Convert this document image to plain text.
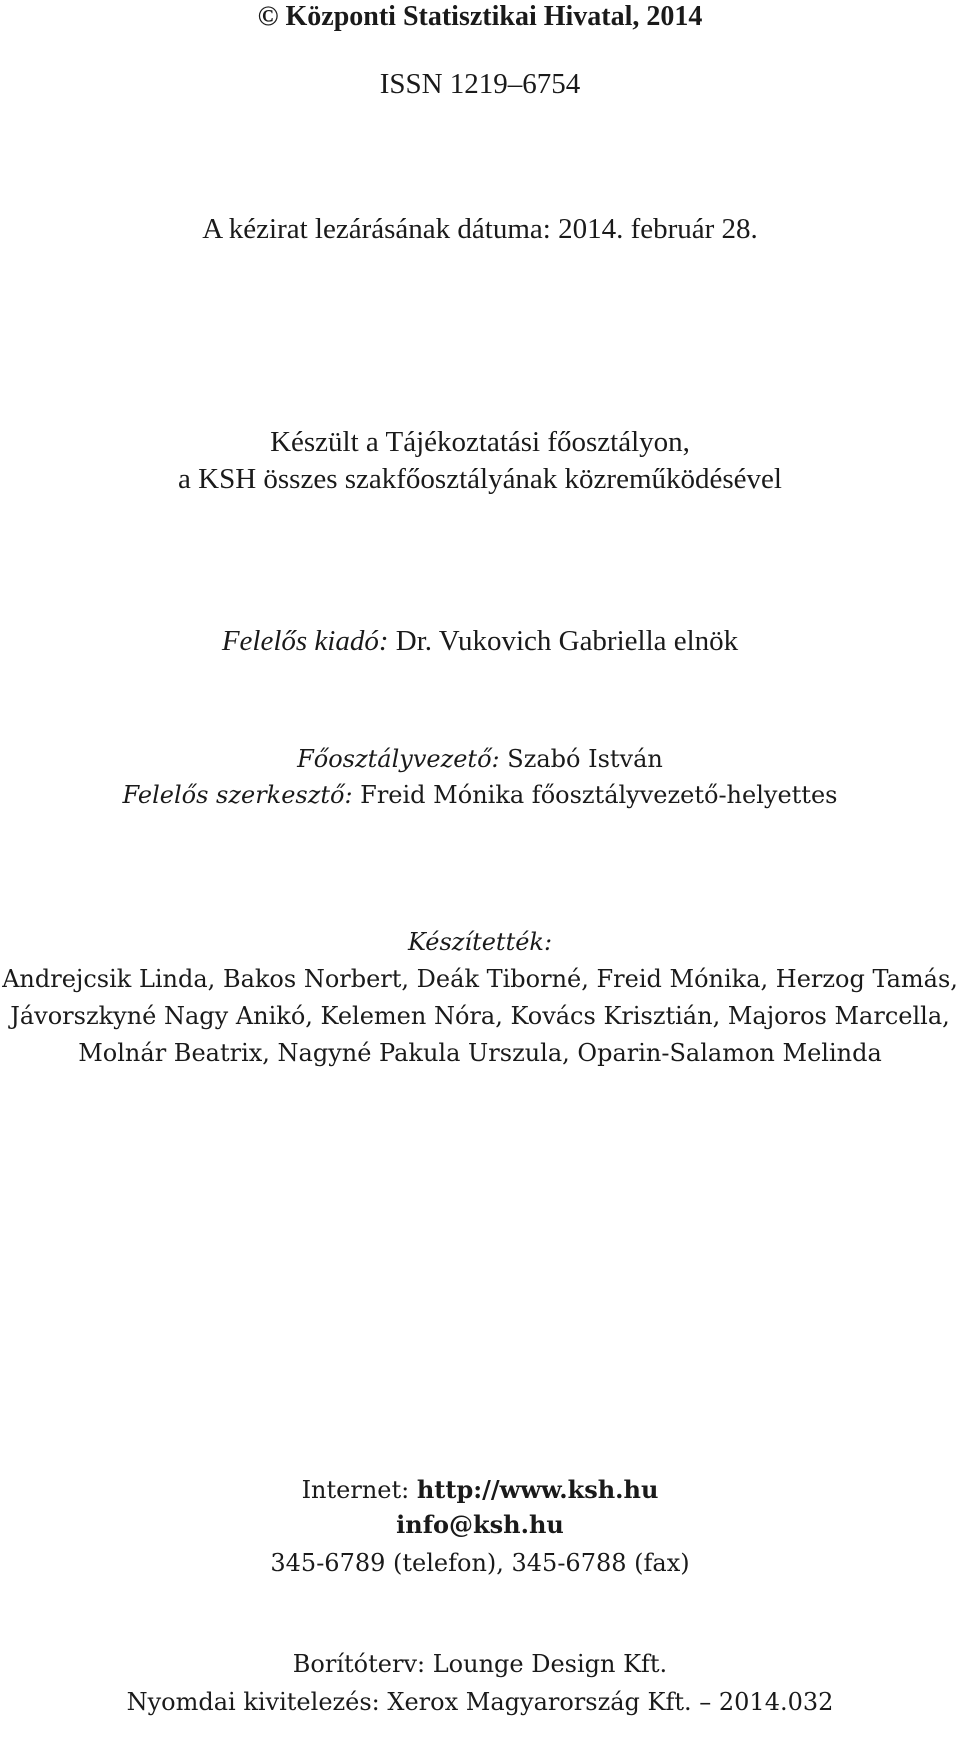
© Központi Statisztikai Hivatal, 2014
ISSN 1219–6754
A kézirat lezárásának dátuma: 2014. február 28.
Készült a Tájékoztatási főosztályon,
a KSH összes szakfőosztályának közreműködésével
Felelős kiadó: Dr. Vukovich Gabriella elnök
Főosztályvezető: Szabó István
Felelős szerkesztő: Freid Mónika főosztályvezető-helyettes
Készítették:
Andrejcsik Linda, Bakos Norbert, Deák Tiborné, Freid Mónika, Herzog Tamás,
Jávorszkyné Nagy Anikó, Kelemen Nóra, Kovács Krisztián, Majoros Marcella,
Molnár Beatrix, Nagyné Pakula Urszula, Oparin-Salamon Melinda
Internet: http://www.ksh.hu
info@ksh.hu
345-6789 (telefon), 345-6788 (fax)
Borítóterv: Lounge Design Kft.
Nyomdai kivitelezés: Xerox Magyarország Kft. – 2014.032
